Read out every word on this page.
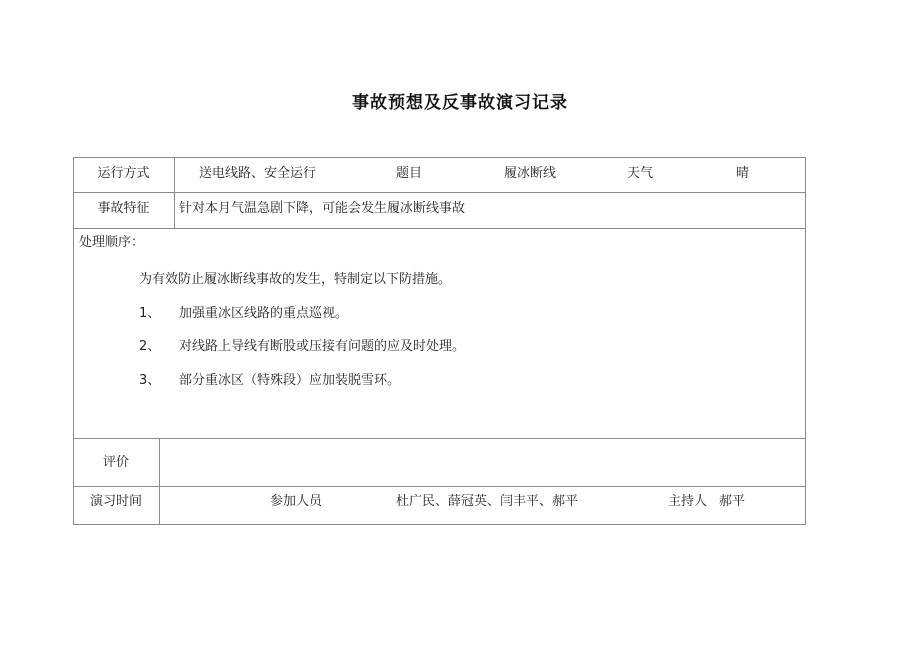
事故预想及反事故演习记录
运行方式	送电线路、安全运行	题目	履冰断线	天气	晴
事故特征	针对本月气温急剧下降，可能会发生履冰断线事故
处理顺序：
为有效防止履冰断线事故的发生，特制定以下防措施。
1、 加强重冰区线路的重点巡视。
2、 对线路上导线有断股或压接有问题的应及时处理。
3、 部分重冰区（特殊段）应加装脱雪环。
评价
演习时间	参加人员	杜广民、薛冠英、闫丰平、郝平	主持人 郝平
